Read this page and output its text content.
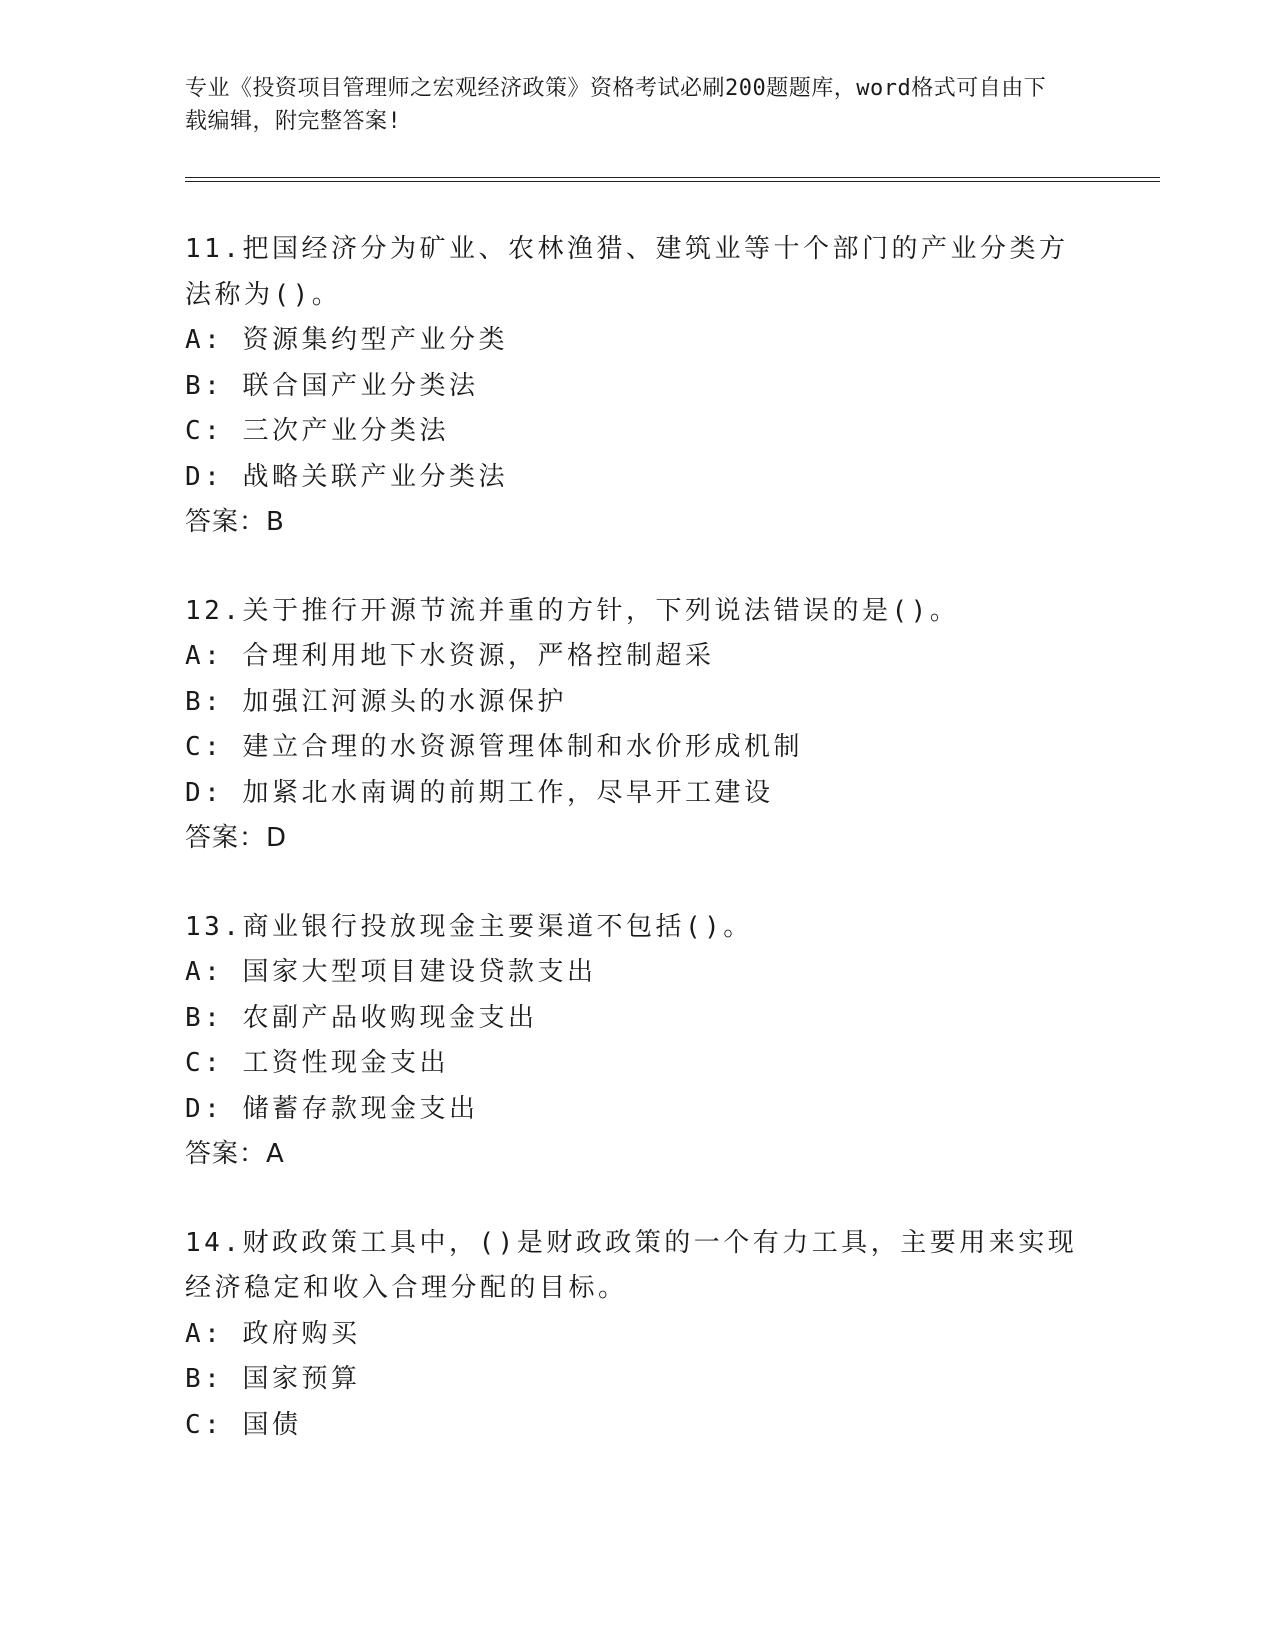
专业《投资项目管理师之宏观经济政策》资格考试必刷200题题库，word格式可自由下载编辑，附完整答案!
11.把国经济分为矿业、农林渔猎、建筑业等十个部门的产业分类方法称为()。
A: 资源集约型产业分类
B: 联合国产业分类法
C: 三次产业分类法
D: 战略关联产业分类法
答案：B
12.关于推行开源节流并重的方针，下列说法错误的是()。
A: 合理利用地下水资源，严格控制超采
B: 加强江河源头的水源保护
C: 建立合理的水资源管理体制和水价形成机制
D: 加紧北水南调的前期工作，尽早开工建设
答案：D
13.商业银行投放现金主要渠道不包括()。
A: 国家大型项目建设贷款支出
B: 农副产品收购现金支出
C: 工资性现金支出
D: 储蓄存款现金支出
答案：A
14.财政政策工具中，()是财政政策的一个有力工具，主要用来实现经济稳定和收入合理分配的目标。
A: 政府购买
B: 国家预算
C: 国债
